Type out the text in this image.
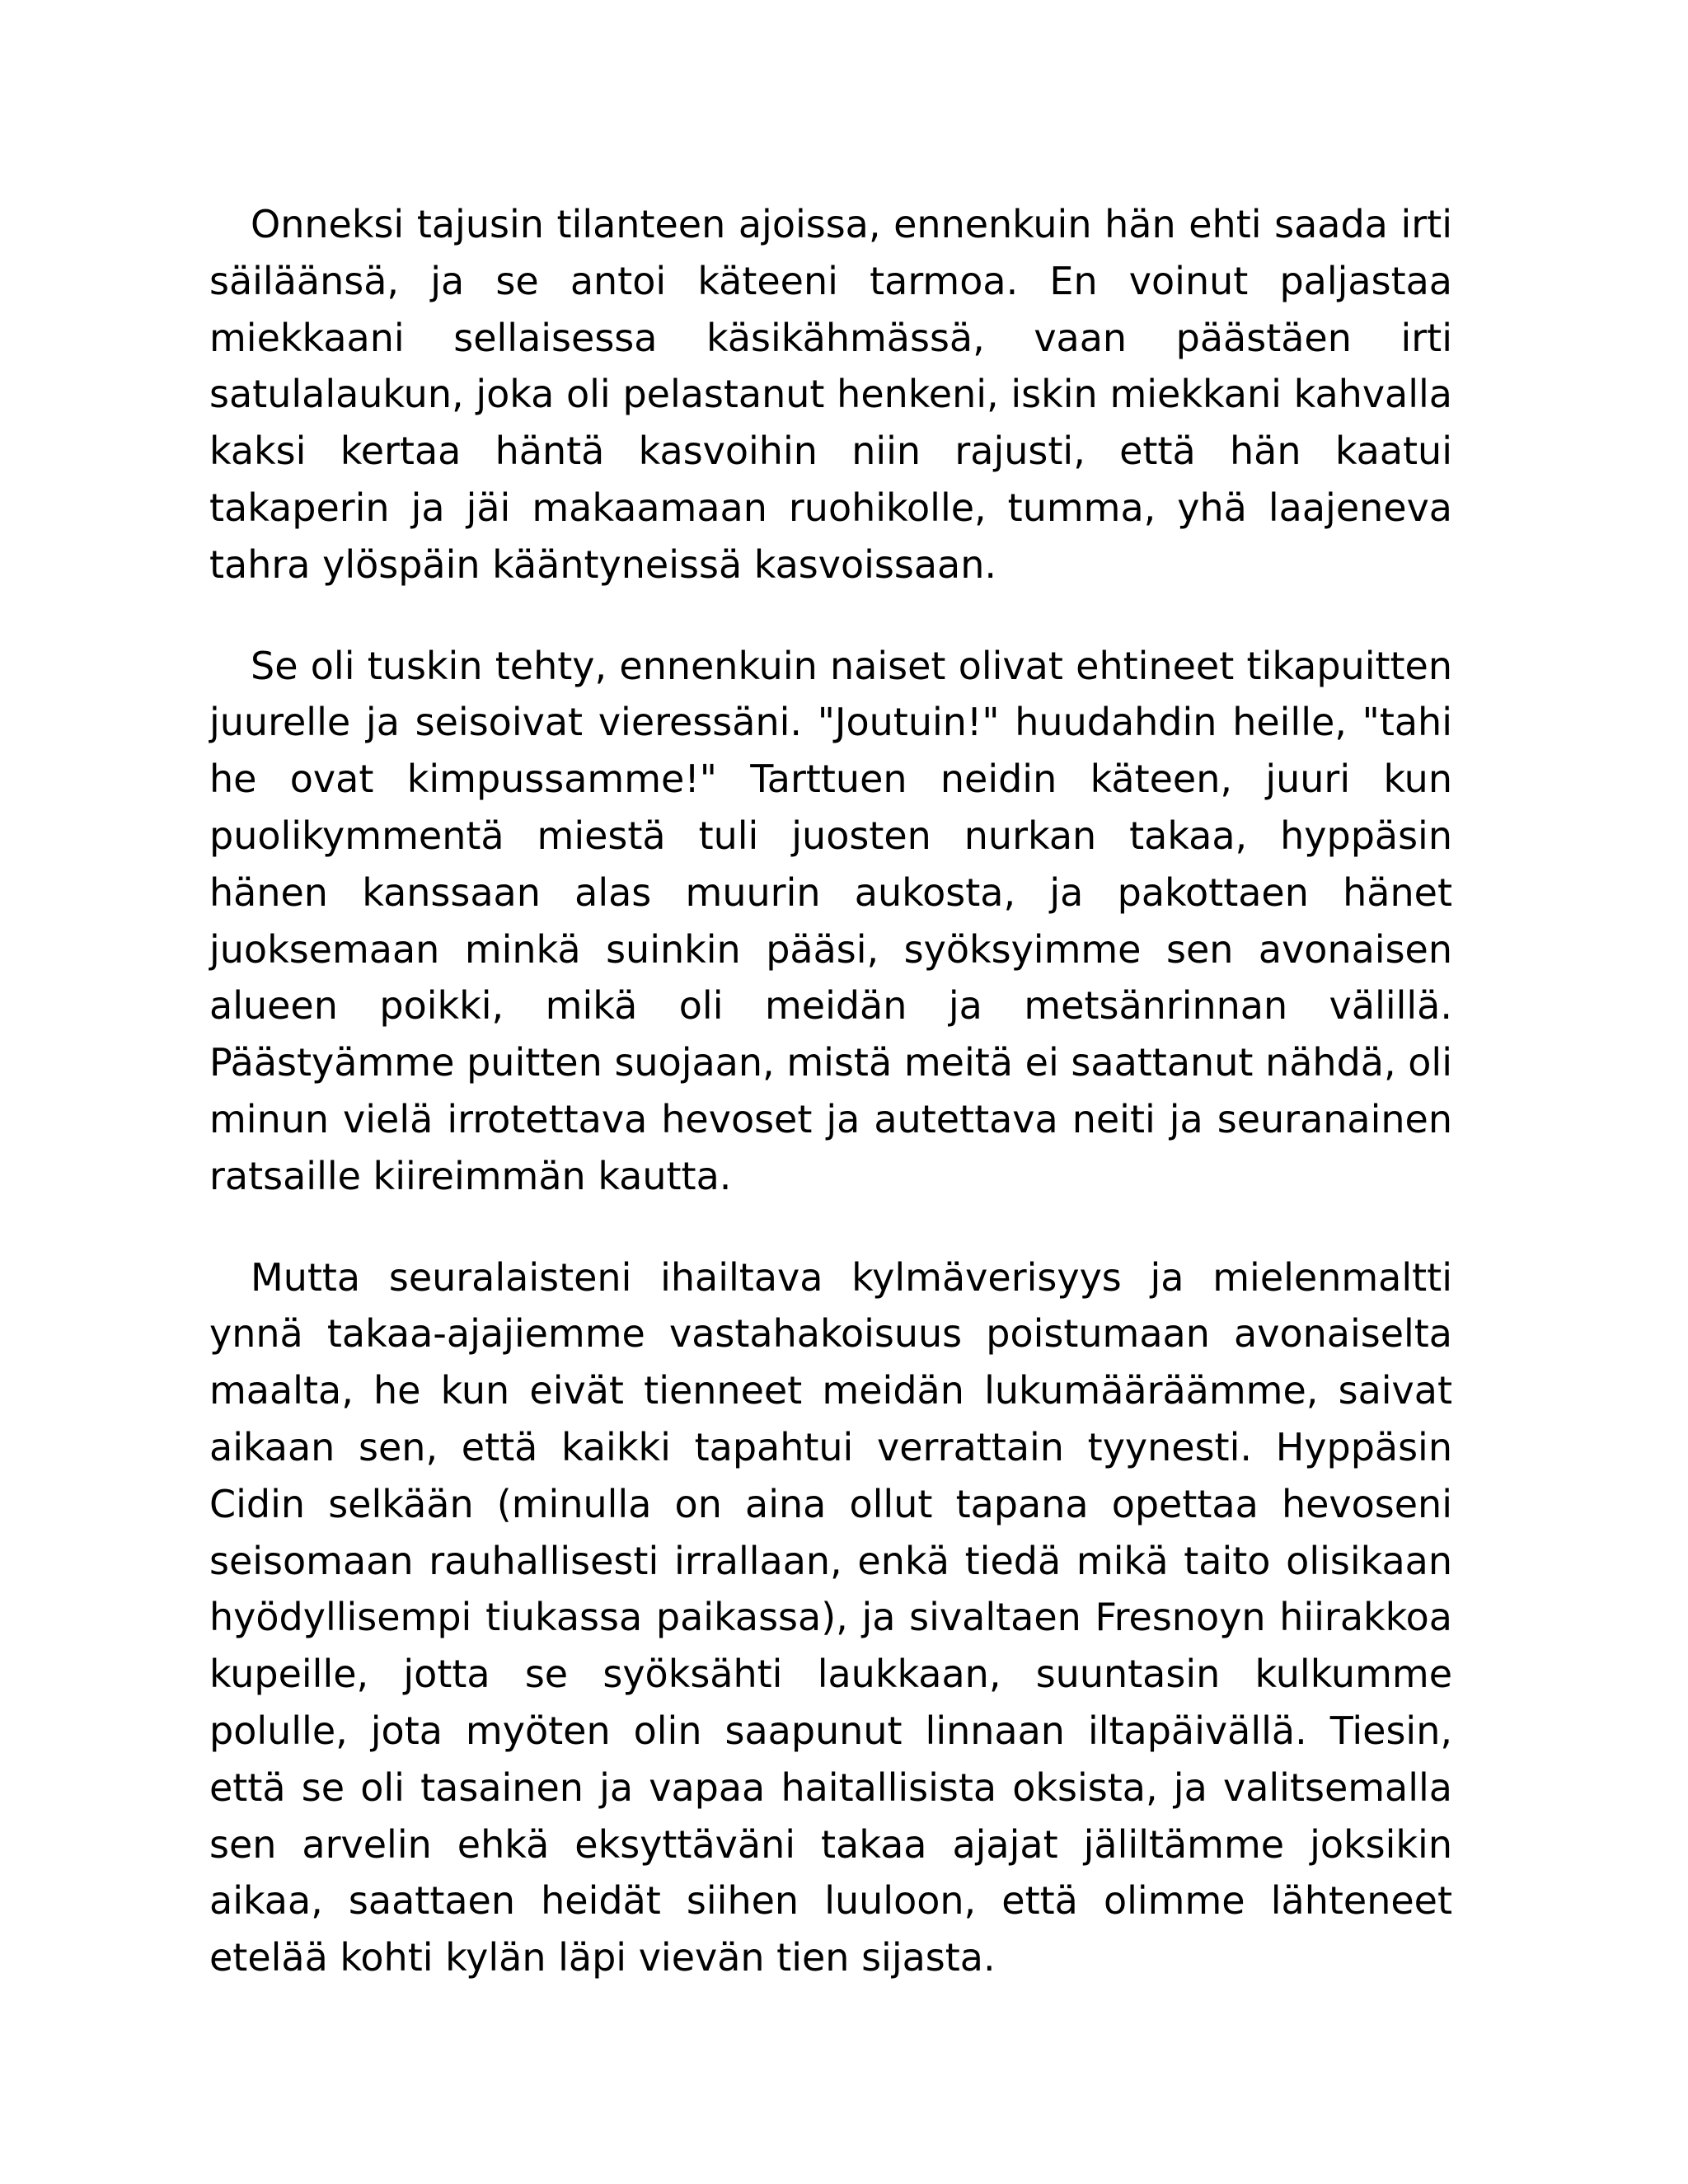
Onneksi tajusin tilanteen ajoissa, ennenkuin hän ehti saada irti säiläänsä, ja se antoi käteeni tarmoa. En voinut paljastaa miekkaani sellaisessa käsikähmässä, vaan päästäen irti satulalaukun, joka oli pelastanut henkeni, iskin miekkani kahvalla kaksi kertaa häntä kasvoihin niin rajusti, että hän kaatui takaperin ja jäi makaamaan ruohikolle, tumma, yhä laajeneva tahra ylöspäin kääntyneissä kasvoissaan.

Se oli tuskin tehty, ennenkuin naiset olivat ehtineet tikapuitten juurelle ja seisoivat vieressäni. "Joutuin!" huudahdin heille, "tahi he ovat kimpussamme!" Tarttuen neidin käteen, juuri kun puolikymmentä miestä tuli juosten nurkan takaa, hyppäsin hänen kanssaan alas muurin aukosta, ja pakottaen hänet juoksemaan minkä suinkin pääsi, syöksyimme sen avonaisen alueen poikki, mikä oli meidän ja metsänrinnan välillä. Päästyämme puitten suojaan, mistä meitä ei saattanut nähdä, oli minun vielä irrotettava hevoset ja autettava neiti ja seuranainen ratsaille kiireimmän kautta.

Mutta seuralaisteni ihailtava kylmäverisyys ja mielenmaltti ynnä takaa-ajajiemme vastahakoisuus poistumaan avonaiselta maalta, he kun eivät tienneet meidän lukumääräämme, saivat aikaan sen, että kaikki tapahtui verrattain tyynesti. Hyppäsin Cidin selkään (minulla on aina ollut tapana opettaa hevoseni seisomaan rauhallisesti irrallaan, enkä tiedä mikä taito olisikaan hyödyllisempi tiukassa paikassa), ja sivaltaen Fresnoyn hiirakkoa kupeille, jotta se syöksähti laukkaan, suuntasin kulkumme polulle, jota myöten olin saapunut linnaan iltapäivällä. Tiesin, että se oli tasainen ja vapaa haitallisista oksista, ja valitsemalla sen arvelin ehkä eksyttäväni takaa ajajat jäliltämme joksikin aikaa, saattaen heidät siihen luuloon, että olimme lähteneet etelää kohti kylän läpi vievän tien sijasta.
